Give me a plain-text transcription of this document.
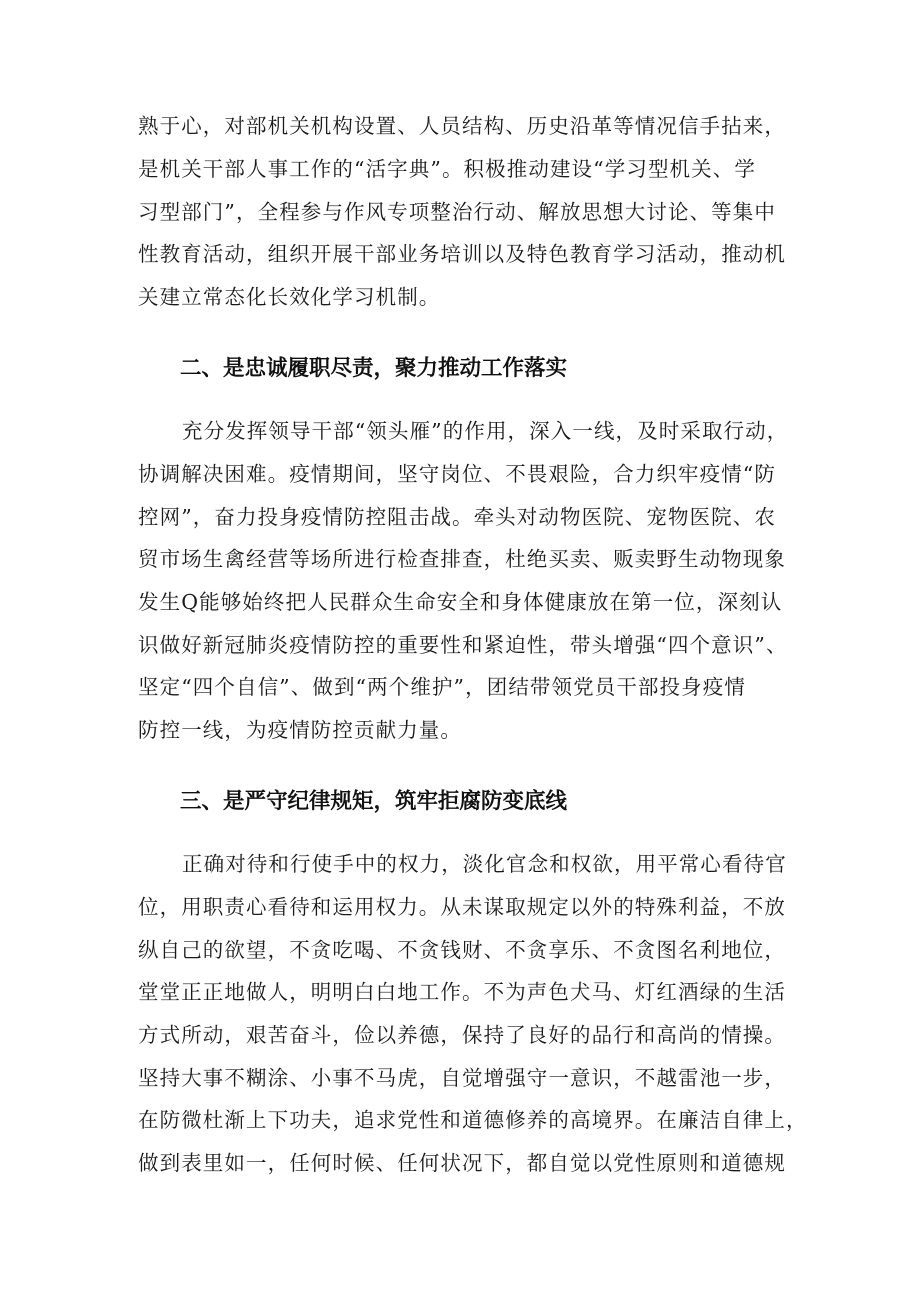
熟于心，对部机关机构设置、人员结构、历史沿革等情况信手拈来，
是机关干部人事工作的“活字典”。积极推动建设“学习型机关、学
习型部门”，全程参与作风专项整治行动、解放思想大讨论、等集中
性教育活动，组织开展干部业务培训以及特色教育学习活动，推动机
关建立常态化长效化学习机制。
二、是忠诚履职尽责，聚力推动工作落实
充分发挥领导干部“领头雁”的作用，深入一线，及时采取行动，
协调解决困难。疫情期间，坚守岗位、不畏艰险，合力织牢疫情“防
控网”，奋力投身疫情防控阻击战。牵头对动物医院、宠物医院、农
贸市场生禽经营等场所进行检查排查，杜绝买卖、贩卖野生动物现象
发生Q能够始终把人民群众生命安全和身体健康放在第一位，深刻认
识做好新冠肺炎疫情防控的重要性和紧迫性，带头增强“四个意识”、
坚定“四个自信”、做到“两个维护”，团结带领党员干部投身疫情
防控一线，为疫情防控贡献力量。
三、是严守纪律规矩，筑牢拒腐防变底线
正确对待和行使手中的权力，淡化官念和权欲，用平常心看待官
位，用职责心看待和运用权力。从未谋取规定以外的特殊利益，不放
纵自己的欲望，不贪吃喝、不贪钱财、不贪享乐、不贪图名利地位，
堂堂正正地做人，明明白白地工作。不为声色犬马、灯红酒绿的生活
方式所动，艰苦奋斗，俭以养德，保持了良好的品行和高尚的情操。
坚持大事不糊涂、小事不马虎，自觉增强守一意识，不越雷池一步，
在防微杜渐上下功夫，追求党性和道德修养的高境界。在廉洁自律上，
做到表里如一，任何时候、任何状况下，都自觉以党性原则和道德规
